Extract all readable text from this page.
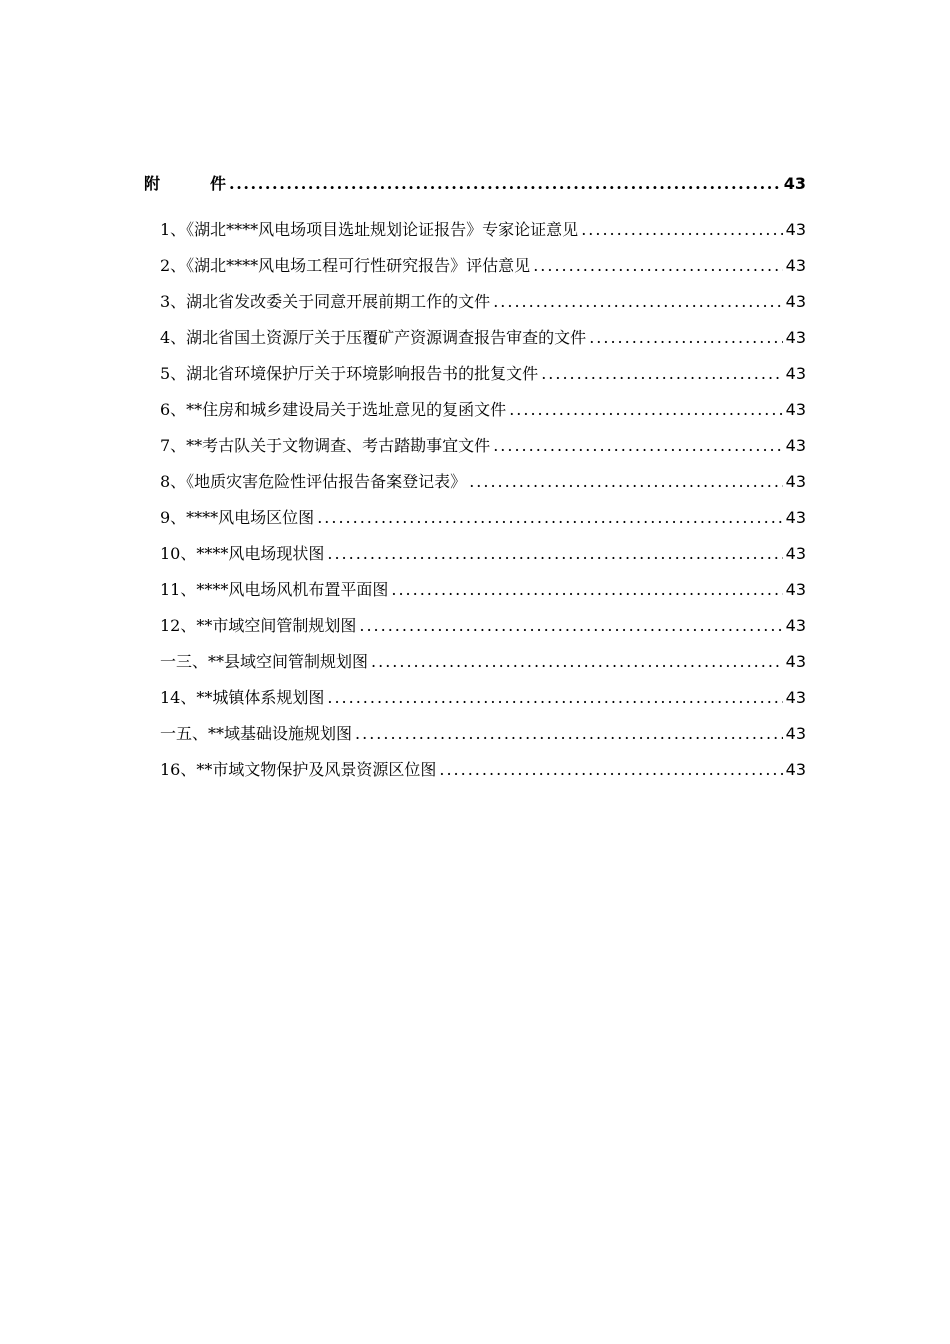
附件 .....	43
1、《湖北****风电场项目选址规划论证报告》专家论证意见 .....	43
2、《湖北****风电场工程可行性研究报告》评估意见 .....	43
3、湖北省发改委关于同意开展前期工作的文件 .....	43
4、湖北省国土资源厅关于压覆矿产资源调查报告审查的文件 .....	43
5、湖北省环境保护厅关于环境影响报告书的批复文件 .....	43
6、**住房和城乡建设局关于选址意见的复函文件 .....	43
7、**考古队关于文物调查、考古踏勘事宜文件 .....	43
8、《地质灾害危险性评估报告备案登记表》 .....	43
9、****风电场区位图 .....	43
10、****风电场现状图 .....	43
11、****风电场风机布置平面图 .....	43
12、**市域空间管制规划图 .....	43
一三、**县域空间管制规划图 .....	43
14、**城镇体系规划图 .....	43
一五、**域基础设施规划图 .....	43
16、**市域文物保护及风景资源区位图 .....	43
